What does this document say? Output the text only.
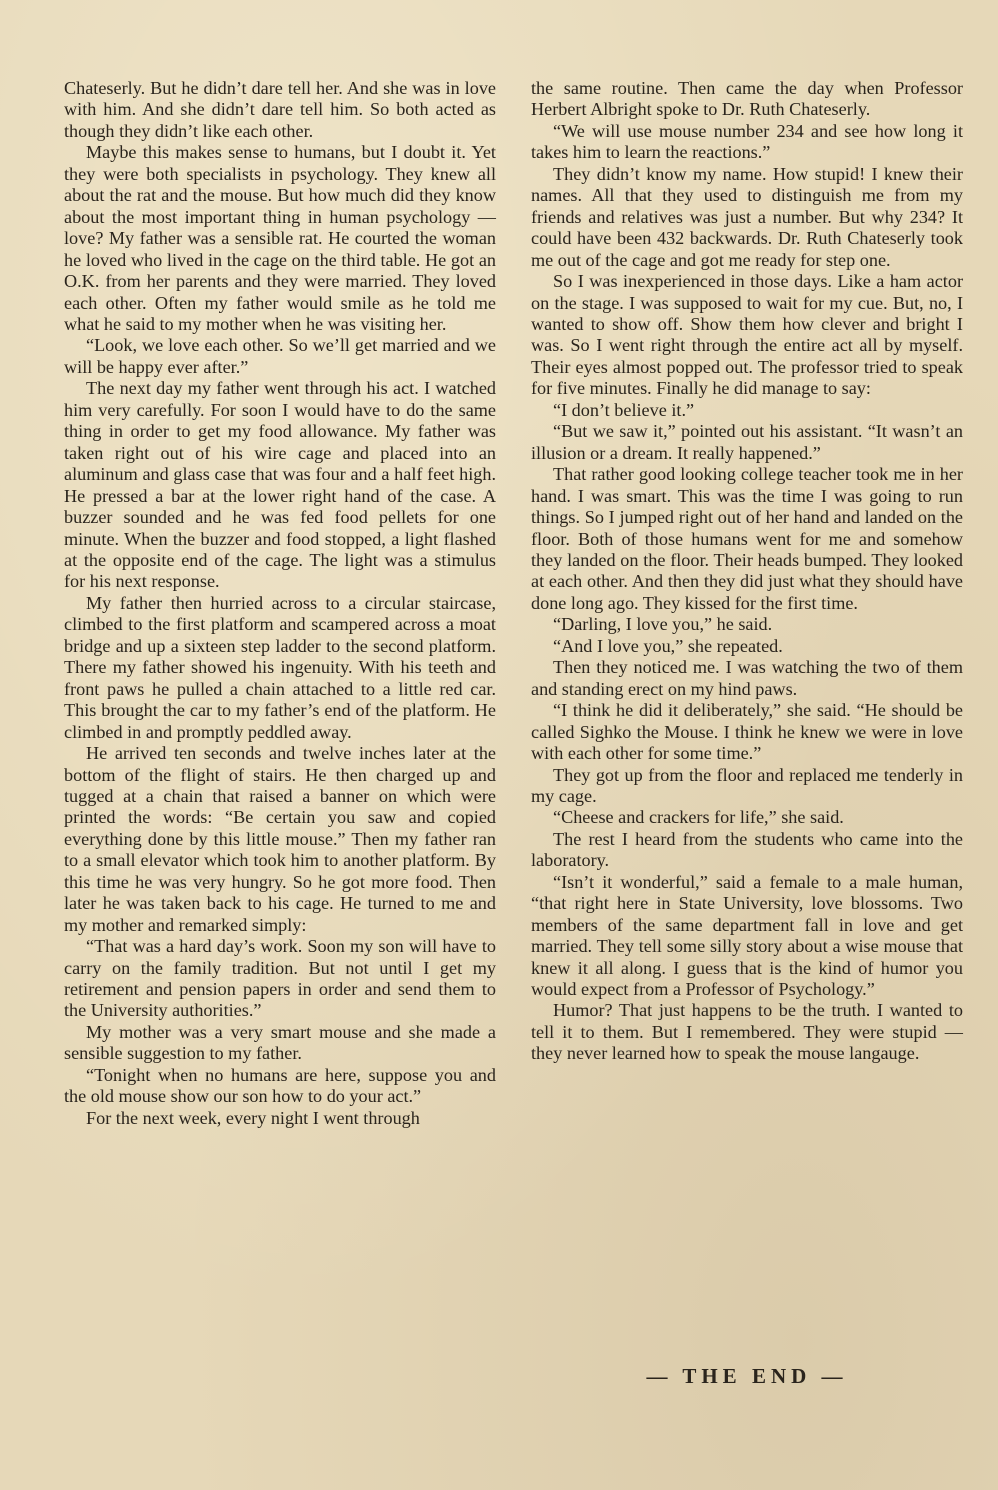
Chateserly. But he didn’t dare tell her. And she was in love with him. And she didn’t dare tell him. So both acted as though they didn’t like each other.

Maybe this makes sense to humans, but I doubt it. Yet they were both specialists in psychology. They knew all about the rat and the mouse. But how much did they know about the most important thing in human psychology — love? My father was a sensible rat. He courted the woman he loved who lived in the cage on the third table. He got an O.K. from her parents and they were married. They loved each other. Often my father would smile as he told me what he said to my mother when he was visiting her.

“Look, we love each other. So we’ll get married and we will be happy ever after.”

The next day my father went through his act. I watched him very carefully. For soon I would have to do the same thing in order to get my food allowance. My father was taken right out of his wire cage and placed into an aluminum and glass case that was four and a half feet high. He pressed a bar at the lower right hand of the case. A buzzer sounded and he was fed food pellets for one minute. When the buzzer and food stopped, a light flashed at the opposite end of the cage. The light was a stimulus for his next response.

My father then hurried across to a circular staircase, climbed to the first platform and scampered across a moat bridge and up a sixteen step ladder to the second platform. There my father showed his ingenuity. With his teeth and front paws he pulled a chain attached to a little red car. This brought the car to my father’s end of the platform. He climbed in and promptly peddled away.

He arrived ten seconds and twelve inches later at the bottom of the flight of stairs. He then charged up and tugged at a chain that raised a banner on which were printed the words: “Be certain you saw and copied everything done by this little mouse.” Then my father ran to a small elevator which took him to another platform. By this time he was very hungry. So he got more food. Then later he was taken back to his cage. He turned to me and my mother and remarked simply:

“That was a hard day’s work. Soon my son will have to carry on the family tradition. But not until I get my retirement and pension papers in order and send them to the University authorities.”

My mother was a very smart mouse and she made a sensible suggestion to my father.

“Tonight when no humans are here, suppose you and the old mouse show our son how to do your act.”

For the next week, every night I went through

the same routine. Then came the day when Professor Herbert Albright spoke to Dr. Ruth Chateserly.

“We will use mouse number 234 and see how long it takes him to learn the reactions.”

They didn’t know my name. How stupid! I knew their names. All that they used to distinguish me from my friends and relatives was just a number. But why 234? It could have been 432 backwards. Dr. Ruth Chateserly took me out of the cage and got me ready for step one.

So I was inexperienced in those days. Like a ham actor on the stage. I was supposed to wait for my cue. But, no, I wanted to show off. Show them how clever and bright I was. So I went right through the entire act all by myself. Their eyes almost popped out. The professor tried to speak for five minutes. Finally he did manage to say:

“I don’t believe it.”

“But we saw it,” pointed out his assistant. “It wasn’t an illusion or a dream. It really happened.”

That rather good looking college teacher took me in her hand. I was smart. This was the time I was going to run things. So I jumped right out of her hand and landed on the floor. Both of those humans went for me and somehow they landed on the floor. Their heads bumped. They looked at each other. And then they did just what they should have done long ago. They kissed for the first time.

“Darling, I love you,” he said.

“And I love you,” she repeated.

Then they noticed me. I was watching the two of them and standing erect on my hind paws.

“I think he did it deliberately,” she said. “He should be called Sighko the Mouse. I think he knew we were in love with each other for some time.”

They got up from the floor and replaced me tenderly in my cage.

“Cheese and crackers for life,” she said.

The rest I heard from the students who came into the laboratory.

“Isn’t it wonderful,” said a female to a male human, “that right here in State University, love blossoms. Two members of the same department fall in love and get married. They tell some silly story about a wise mouse that knew it all along. I guess that is the kind of humor you would expect from a Professor of Psychology.”

Humor? That just happens to be the truth. I wanted to tell it to them. But I remembered. They were stupid — they never learned how to speak the mouse langauge.

— THE END —
